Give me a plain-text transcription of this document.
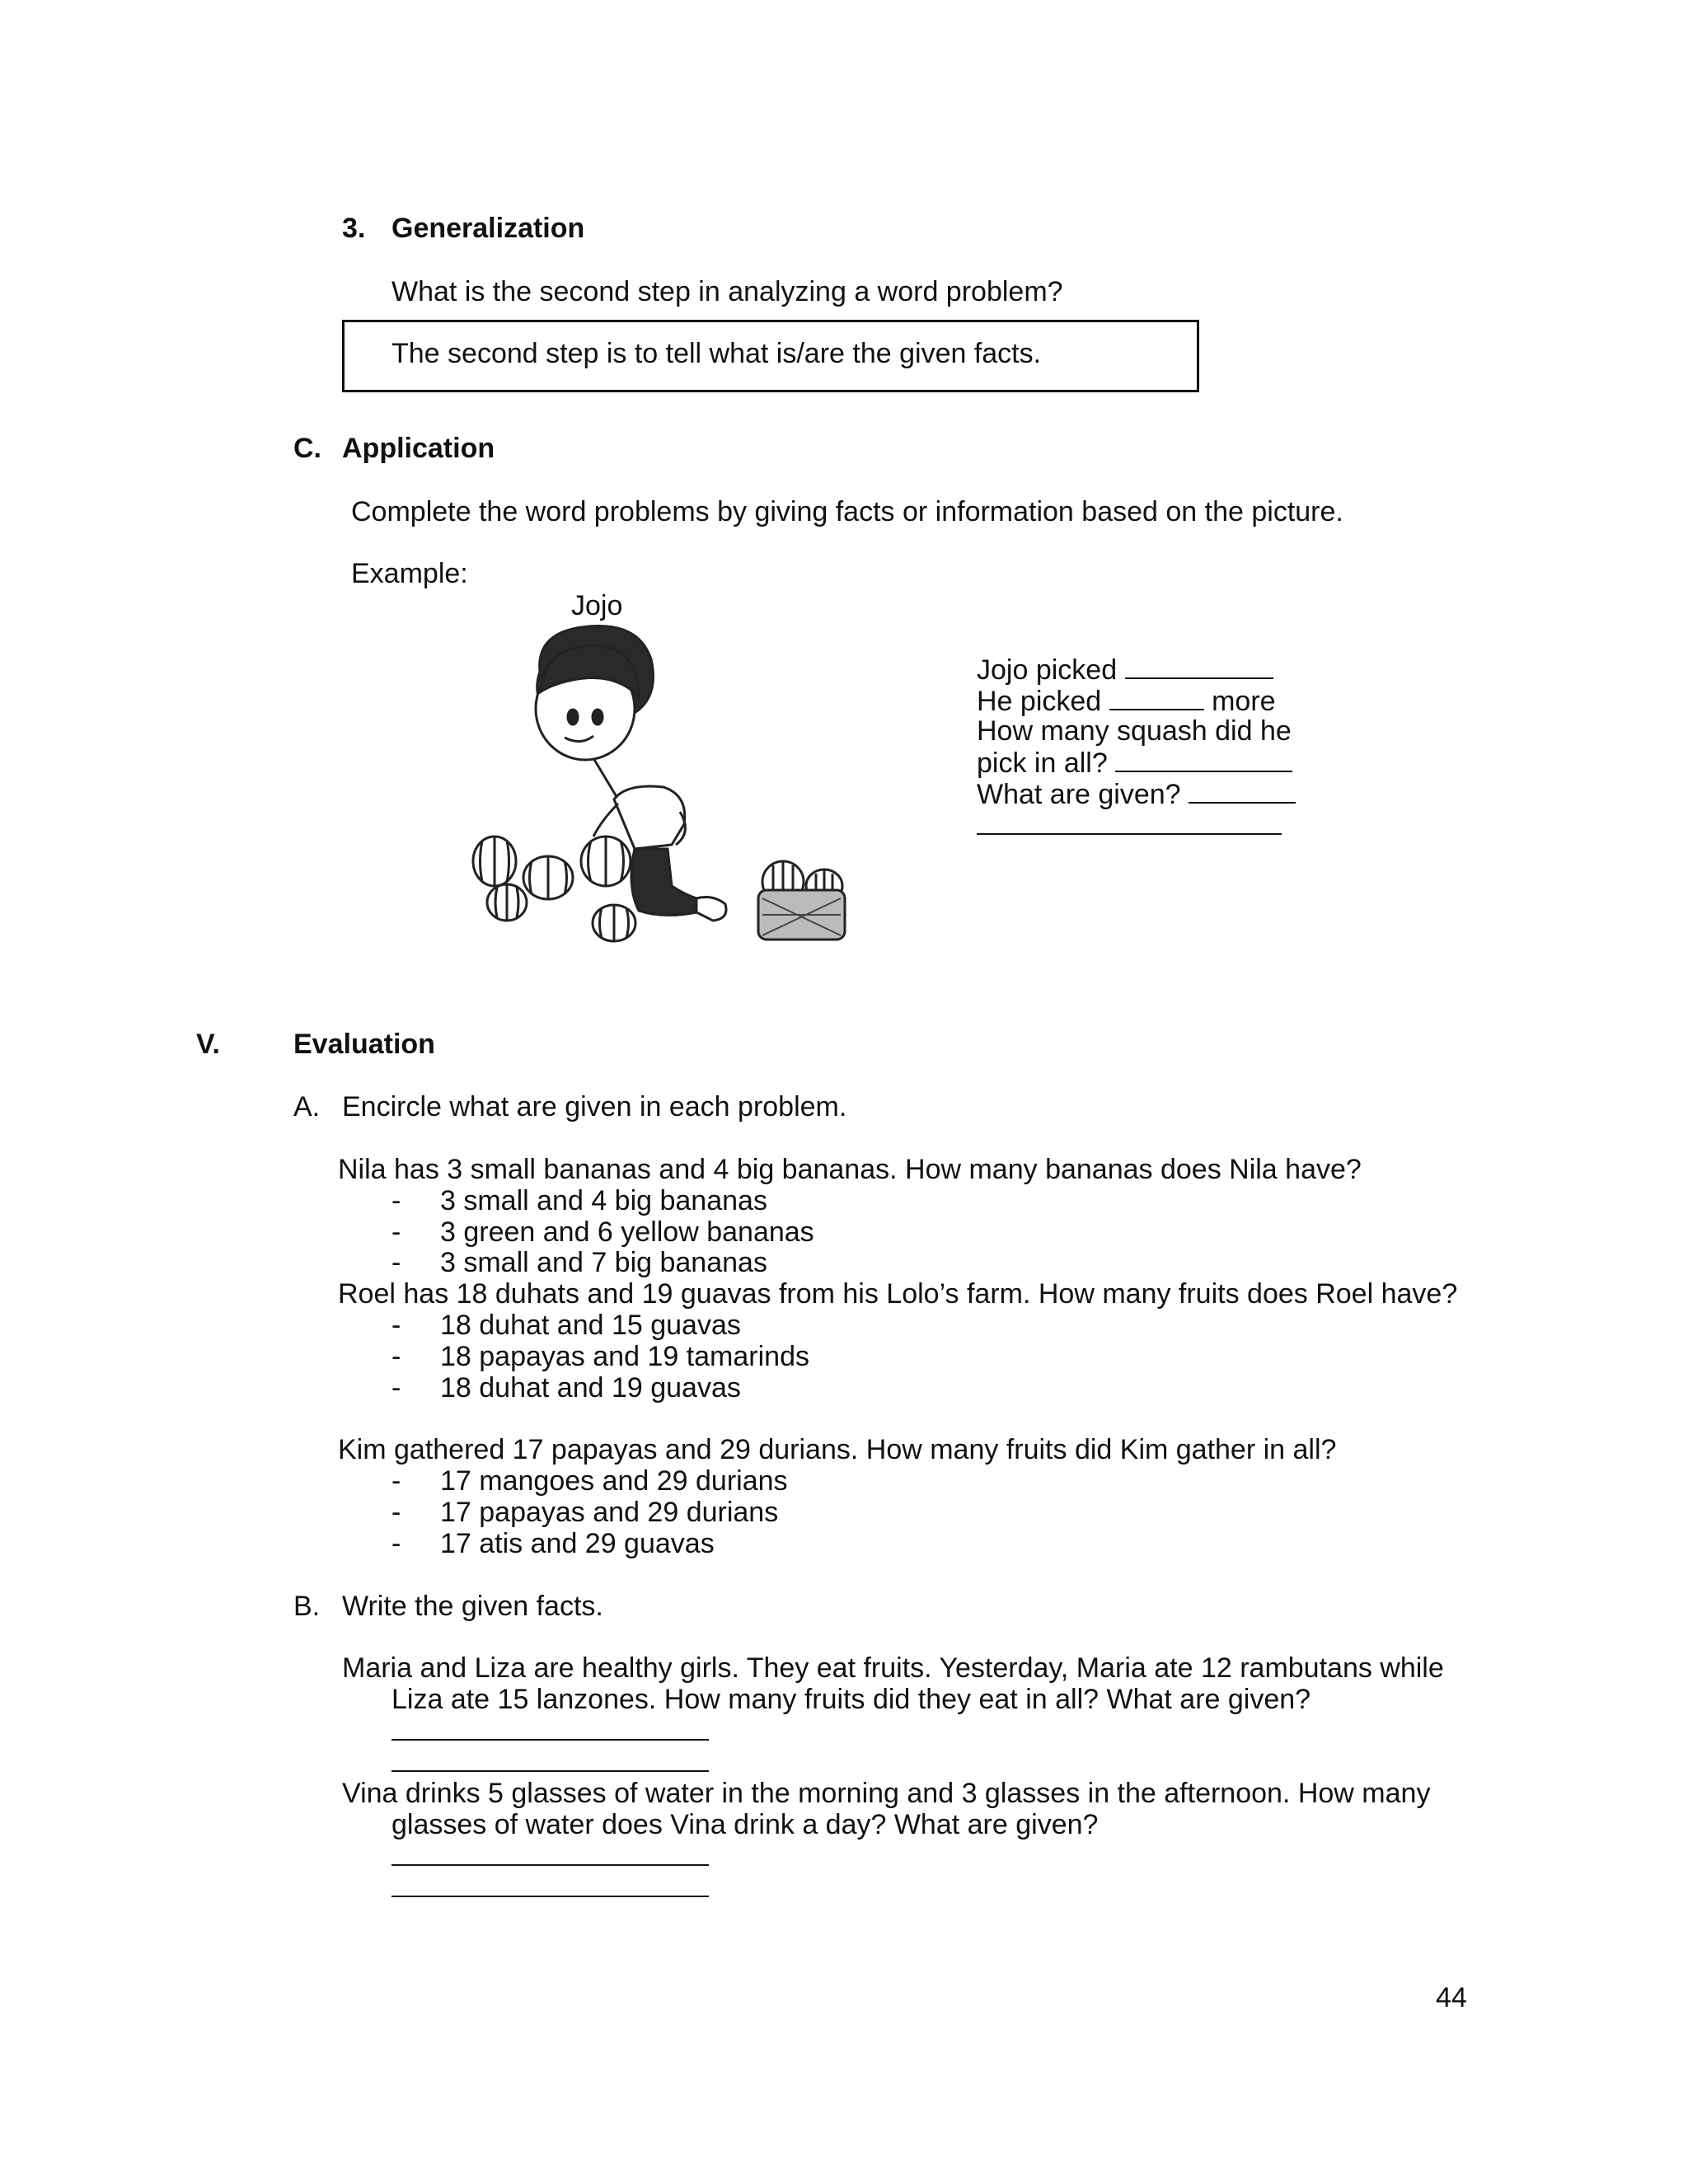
3. Generalization
What is the second step in analyzing a word problem?
The second step is to tell what is/are the given facts.
C. Application
Complete the word problems by giving facts or information based on the picture.
Example:
Jojo
Jojo picked
He picked	more
How many squash did he
pick in all?
What are given?
V.	Evaluation
A. Encircle what are given in each problem.
Nila has 3 small bananas and 4 big bananas. How many bananas does Nila have?
- 3 small and 4 big bananas
- 3 green and 6 yellow bananas
- 3 small and 7 big bananas
Roel has 18 duhats and 19 guavas from his Lolo’s farm. How many fruits does Roel have?
- 18 duhat and 15 guavas
- 18 papayas and 19 tamarinds
- 18 duhat and 19 guavas
Kim gathered 17 papayas and 29 durians. How many fruits did Kim gather in all?
- 17 mangoes and 29 durians
- 17 papayas and 29 durians
- 17 atis and 29 guavas
B. Write the given facts.
Maria and Liza are healthy girls. They eat fruits. Yesterday, Maria ate 12 rambutans while
Liza ate 15 lanzones. How many fruits did they eat in all? What are given?
Vina drinks 5 glasses of water in the morning and 3 glasses in the afternoon. How many
glasses of water does Vina drink a day? What are given?
44
